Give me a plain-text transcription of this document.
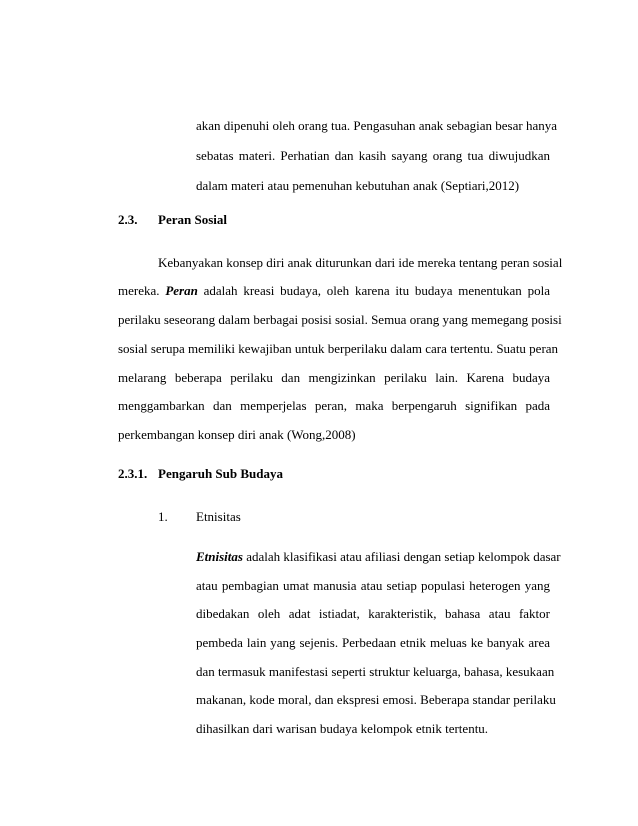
akan dipenuhi oleh orang tua. Pengasuhan anak sebagian besar hanya
sebatas materi. Perhatian dan kasih sayang orang tua diwujudkan
dalam materi atau pemenuhan kebutuhan anak (Septiari,2012)
2.3. Peran Sosial
Kebanyakan konsep diri anak diturunkan dari ide mereka tentang peran sosial
mereka. Peran adalah kreasi budaya, oleh karena itu budaya menentukan pola
perilaku seseorang dalam berbagai posisi sosial. Semua orang yang memegang posisi
sosial serupa memiliki kewajiban untuk berperilaku dalam cara tertentu. Suatu peran
melarang beberapa perilaku dan mengizinkan perilaku lain. Karena budaya
menggambarkan dan memperjelas peran, maka berpengaruh signifikan pada
perkembangan konsep diri anak (Wong,2008)
2.3.1. Pengaruh Sub Budaya
1. Etnisitas
Etnisitas adalah klasifikasi atau afiliasi dengan setiap kelompok dasar
atau pembagian umat manusia atau setiap populasi heterogen yang
dibedakan oleh adat istiadat, karakteristik, bahasa atau faktor
pembeda lain yang sejenis. Perbedaan etnik meluas ke banyak area
dan termasuk manifestasi seperti struktur keluarga, bahasa, kesukaan
makanan, kode moral, dan ekspresi emosi. Beberapa standar perilaku
dihasilkan dari warisan budaya kelompok etnik tertentu.
